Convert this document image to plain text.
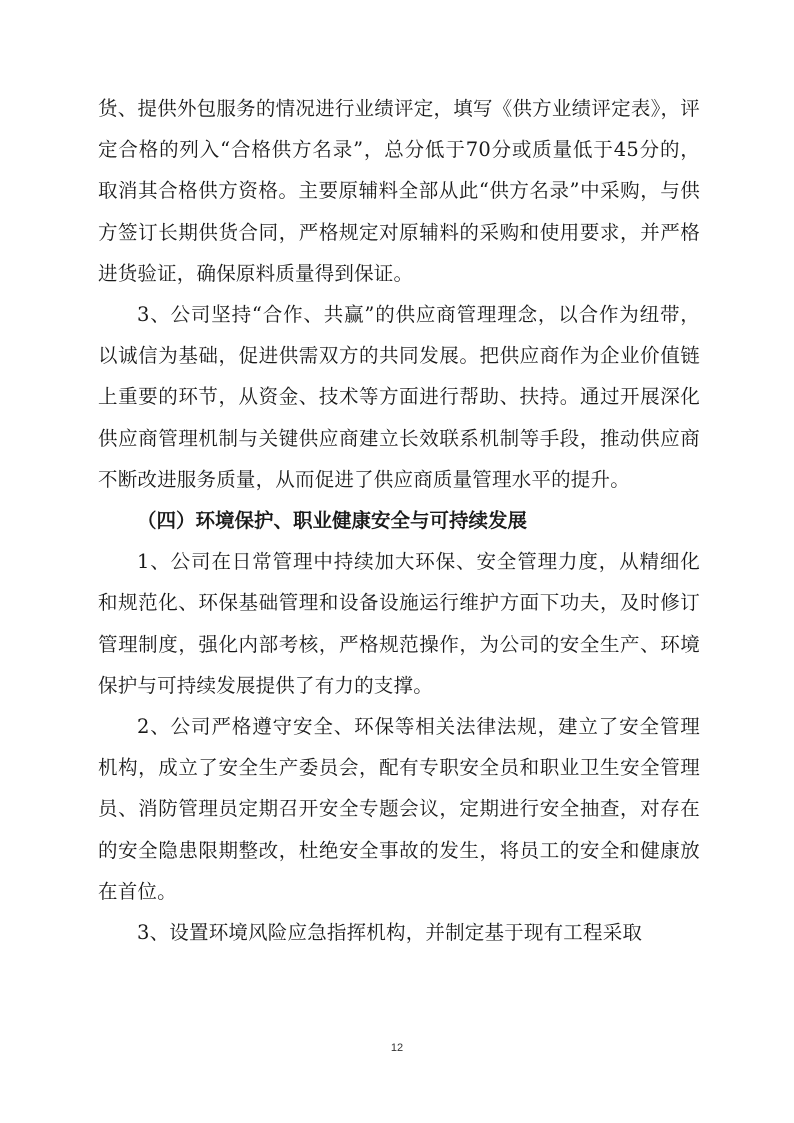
货、提供外包服务的情况进行业绩评定，填写《供方业绩评定表》，评定合格的列入“合格供方名录”，总分低于70分或质量低于45分的，取消其合格供方资格。主要原辅料全部从此“供方名录”中采购，与供方签订长期供货合同，严格规定对原辅料的采购和使用要求，并严格进货验证，确保原料质量得到保证。

3、公司坚持“合作、共赢”的供应商管理理念，以合作为纽带，以诚信为基础，促进供需双方的共同发展。把供应商作为企业价值链上重要的环节，从资金、技术等方面进行帮助、扶持。通过开展深化供应商管理机制与关键供应商建立长效联系机制等手段，推动供应商不断改进服务质量，从而促进了供应商质量管理水平的提升。

（四）环境保护、职业健康安全与可持续发展

1、公司在日常管理中持续加大环保、安全管理力度，从精细化和规范化、环保基础管理和设备设施运行维护方面下功夫，及时修订管理制度，强化内部考核，严格规范操作，为公司的安全生产、环境保护与可持续发展提供了有力的支撑。

2、公司严格遵守安全、环保等相关法律法规，建立了安全管理机构，成立了安全生产委员会，配有专职安全员和职业卫生安全管理员、消防管理员定期召开安全专题会议，定期进行安全抽查，对存在的安全隐患限期整改，杜绝安全事故的发生，将员工的安全和健康放在首位。

3、设置环境风险应急指挥机构，并制定基于现有工程采取

12
